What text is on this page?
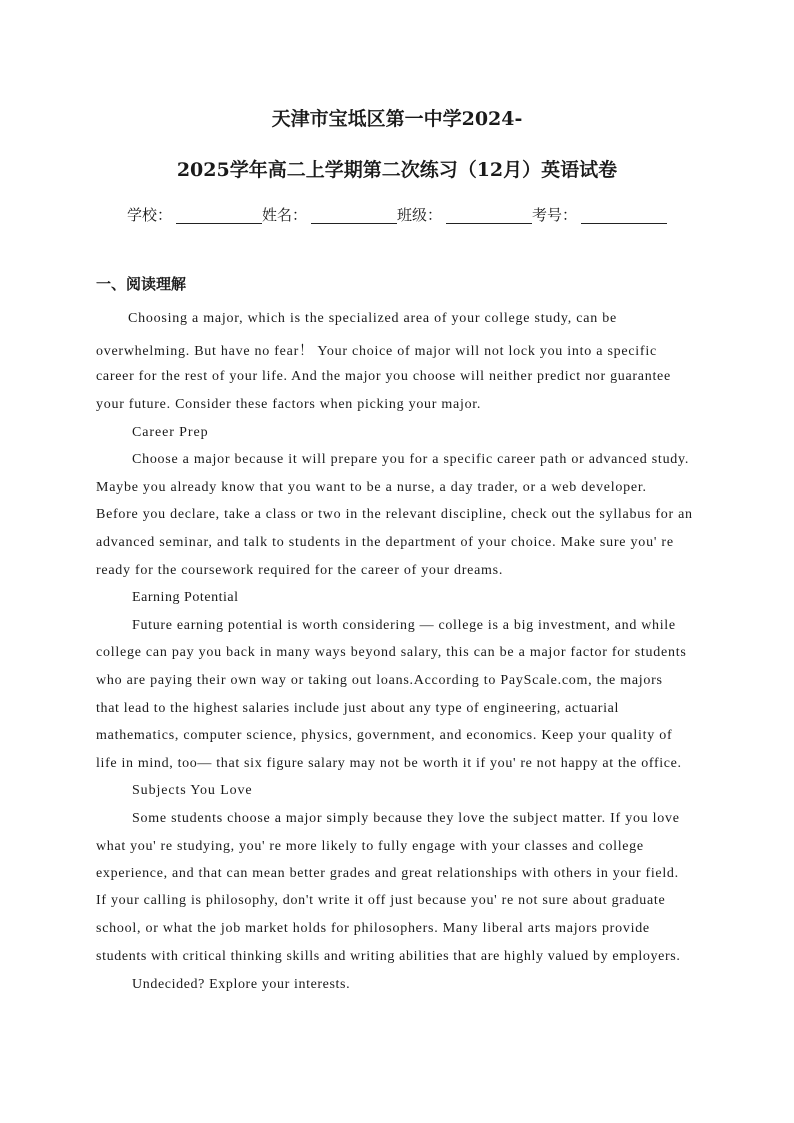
天津市宝坻区第一中学2024-
2025学年高二上学期第二次练习（12月）英语试卷
学校：	姓名：	班级：	考号：
一、阅读理解
Choosing a major, which is the specialized area of your college study, can be
overwhelming. But have no fear！ Your choice of major will not lock you into a specific
career for the rest of your life. And the major you choose will neither predict nor guarantee
your future. Consider these factors when picking your major.
Career Prep
Choose a major because it will prepare you for a specific career path or advanced study.
Maybe you already know that you want to be a nurse, a day trader, or a web developer.
Before you declare, take a class or two in the relevant discipline, check out the syllabus for an
advanced seminar, and talk to students in the department of your choice. Make sure you' re
ready for the coursework required for the career of your dreams.
Earning Potential
Future earning potential is worth considering — college is a big investment, and while
college can pay you back in many ways beyond salary, this can be a major factor for students
who are paying their own way or taking out loans.According to PayScale.com, the majors
that lead to the highest salaries include just about any type of engineering, actuarial
mathematics, computer science, physics, government, and economics. Keep your quality of
life in mind, too— that six figure salary may not be worth it if you' re not happy at the office.
Subjects You Love
Some students choose a major simply because they love the subject matter. If you love
what you' re studying, you' re more likely to fully engage with your classes and college
experience, and that can mean better grades and great relationships with others in your field.
If your calling is philosophy, don't write it off just because you' re not sure about graduate
school, or what the job market holds for philosophers. Many liberal arts majors provide
students with critical thinking skills and writing abilities that are highly valued by employers.
Undecided? Explore your interests.
